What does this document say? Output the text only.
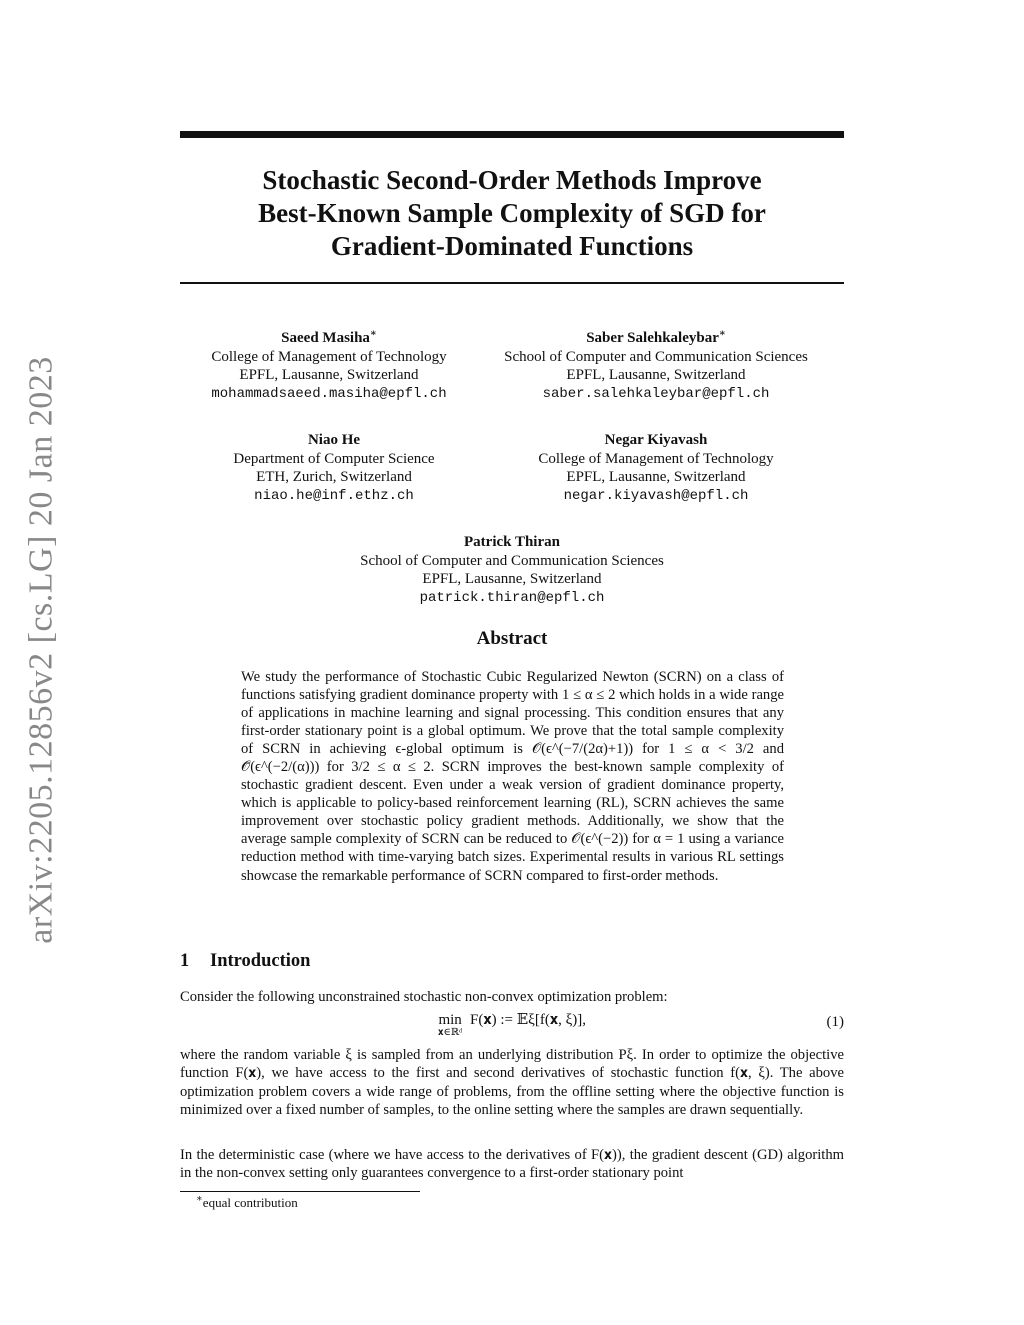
arXiv:2205.12856v2 [cs.LG] 20 Jan 2023
Stochastic Second-Order Methods Improve
Best-Known Sample Complexity of SGD for
Gradient-Dominated Functions
Saeed Masiha∗
College of Management of Technology
EPFL, Lausanne, Switzerland
mohammadsaeed.masiha@epfl.ch
Saber Salehkaleybar∗
School of Computer and Communication Sciences
EPFL, Lausanne, Switzerland
saber.salehkaleybar@epfl.ch
Niao He
Department of Computer Science
ETH, Zurich, Switzerland
niao.he@inf.ethz.ch
Negar Kiyavash
College of Management of Technology
EPFL, Lausanne, Switzerland
negar.kiyavash@epfl.ch
Patrick Thiran
School of Computer and Communication Sciences
EPFL, Lausanne, Switzerland
patrick.thiran@epfl.ch
Abstract

We study the performance of Stochastic Cubic Regularized Newton (SCRN) on a class of functions satisfying gradient dominance property with 1 ≤ α ≤ 2 which holds in a wide range of applications in machine learning and signal processing. This condition ensures that any first-order stationary point is a global optimum. We prove that the total sample complexity of SCRN in achieving ϵ-global optimum is 𝒪(ϵ^(−7/(2α)+1)) for 1 ≤ α < 3/2 and 𝒪̃(ϵ^(−2/(α))) for 3/2 ≤ α ≤ 2. SCRN improves the best-known sample complexity of stochastic gradient descent. Even under a weak version of gradient dominance property, which is applicable to policy-based reinforcement learning (RL), SCRN achieves the same improvement over stochastic policy gradient methods. Additionally, we show that the average sample complexity of SCRN can be reduced to 𝒪(ϵ^(−2)) for α = 1 using a variance reduction method with time-varying batch sizes. Experimental results in various RL settings showcase the remarkable performance of SCRN compared to first-order methods.

1 Introduction

Consider the following unconstrained stochastic non-convex optimization problem:

min
𝐱∈ℝᵈ
F(𝐱) := 𝔼ξ[f(𝐱, ξ)],	(1)

where the random variable ξ is sampled from an underlying distribution Pξ. In order to optimize the objective function F(𝐱), we have access to the first and second derivatives of stochastic function f(𝐱, ξ). The above optimization problem covers a wide range of problems, from the offline setting where the objective function is minimized over a fixed number of samples, to the online setting where the samples are drawn sequentially.

In the deterministic case (where we have access to the derivatives of F(𝐱)), the gradient descent (GD) algorithm in the non-convex setting only guarantees convergence to a first-order stationary point

∗equal contribution
